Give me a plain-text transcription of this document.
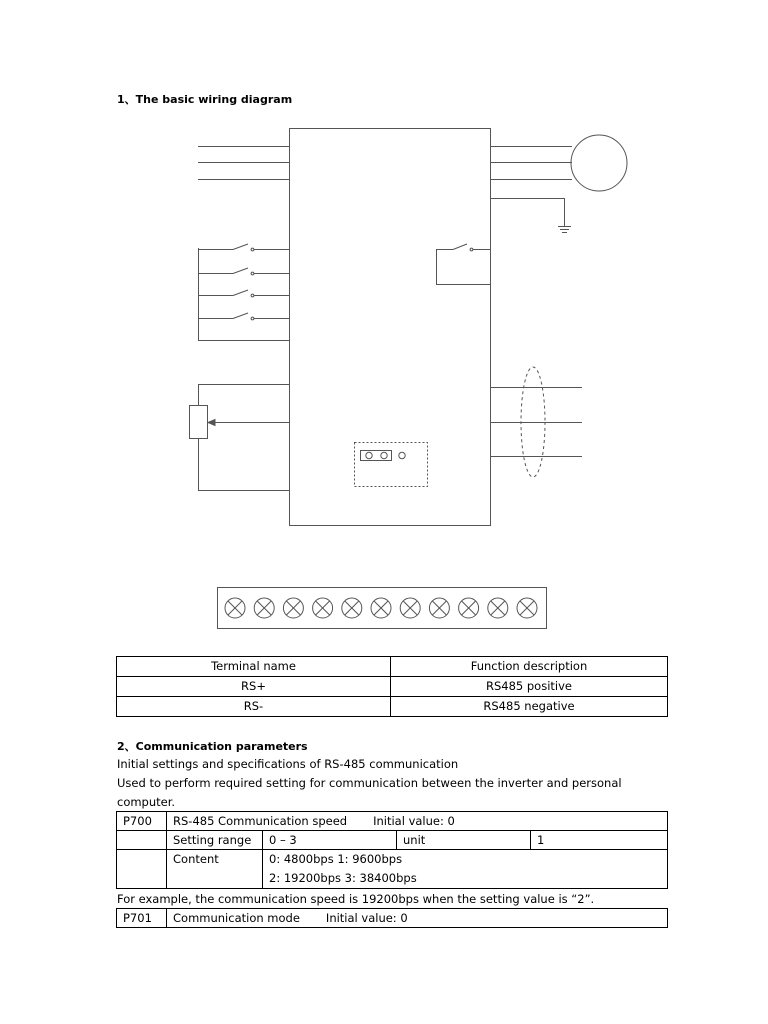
1、The basic wiring diagram
Terminal name	Function description
RS+	RS485 positive
RS-	RS485 negative
2、Communication parameters
Initial settings and specifications of RS-485 communication
Used to perform required setting for communication between the inverter and personal computer.
P700	RS-485 Communication speed Initial value: 0			
	Setting range	0 – 3	unit	1
	Content	0: 4800bps 1: 9600bps
2: 19200bps 3: 38400bps		
For example, the communication speed is 19200bps when the setting value is “2”.
P701	Communication mode Initial value: 0
